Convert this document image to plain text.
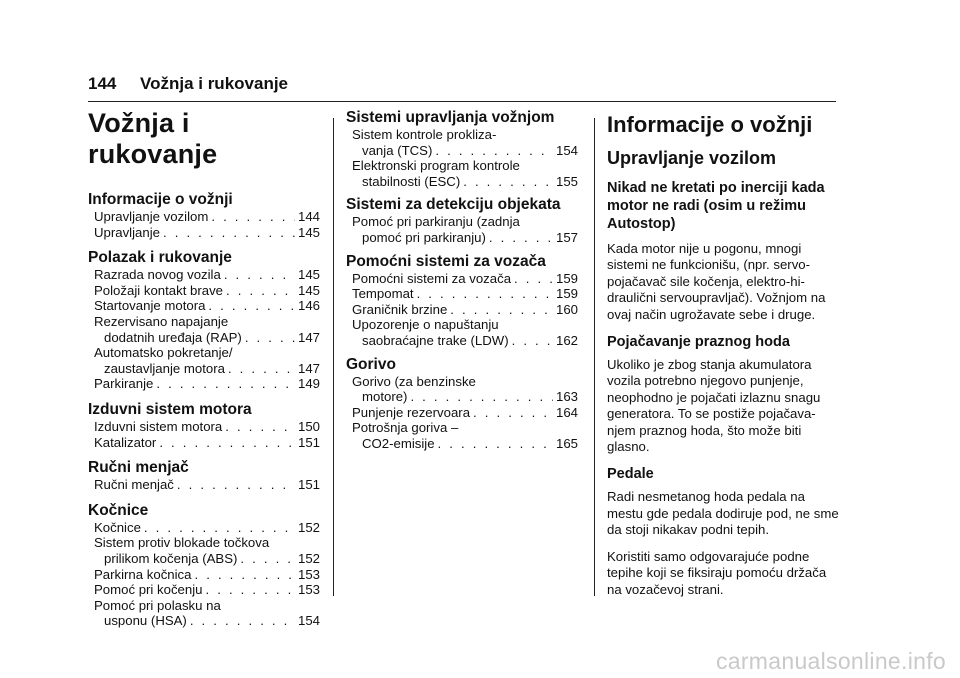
144 Vožnja i rukovanje
Vožnja i rukovanje
Informacije o vožnji
Upravljanje vozilom . . .	144
Upravljanje . . .	145
Polazak i rukovanje
Razrada novog vozila . . .	145
Položaji kontakt brave . . .	145
Startovanje motora . . .	146
Rezervisano napajanje
dodatnih uređaja (RAP) . . .	147
Automatsko pokretanje/
zaustavljanje motora . . .	147
Parkiranje . . .	149
Izduvni sistem motora
Izduvni sistem motora . . .	150
Katalizator . . .	151
Ručni menjač
Ručni menjač . . .	151
Kočnice
Kočnice . . .	152
Sistem protiv blokade točkova
prilikom kočenja (ABS) . . .	152
Parkirna kočnica . . .	153
Pomoć pri kočenju . . .	153
Pomoć pri polasku na
usponu (HSA) . . .	154
Sistemi upravljanja vožnjom
Sistem kontrole prokliza-
vanja (TCS) . . .	154
Elektronski program kontrole
stabilnosti (ESC) . . .	155
Sistemi za detekciju objekata
Pomoć pri parkiranju (zadnja
pomoć pri parkiranju) . . .	157
Pomoćni sistemi za vozača
Pomoćni sistemi za vozača . . .	159
Tempomat . . .	159
Graničnik brzine . . .	160
Upozorenje o napuštanju
saobraćajne trake (LDW) . . .	162
Gorivo
Gorivo (za benzinske
motore) . . .	163
Punjenje rezervoara . . .	164
Potrošnja goriva –
CO2-emisije . . .	165
Informacije o vožnji
Upravljanje vozilom
Nikad ne kretati po inerciji kada motor ne radi (osim u režimu Autostop)

Kada motor nije u pogonu, mnogi sistemi ne funkcionišu, (npr. servo-pojačavač sile kočenja, elektro-hi-draulični servoupravljač). Vožnjom na ovaj način ugrožavate sebe i druge.

Pojačavanje praznog hoda

Ukoliko je zbog stanja akumulatora vozila potrebno njegovo punjenje, neophodno je pojačati izlaznu snagu generatora. To se postiže pojačava-njem praznog hoda, što može biti glasno.

Pedale

Radi nesmetanog hoda pedala na mestu gde pedala dodiruje pod, ne sme da stoji nikakav podni tepih.

Koristiti samo odgovarajuće podne tepihe koji se fiksiraju pomoću držača na vozačevoj strani.

carmanualsonline.info
